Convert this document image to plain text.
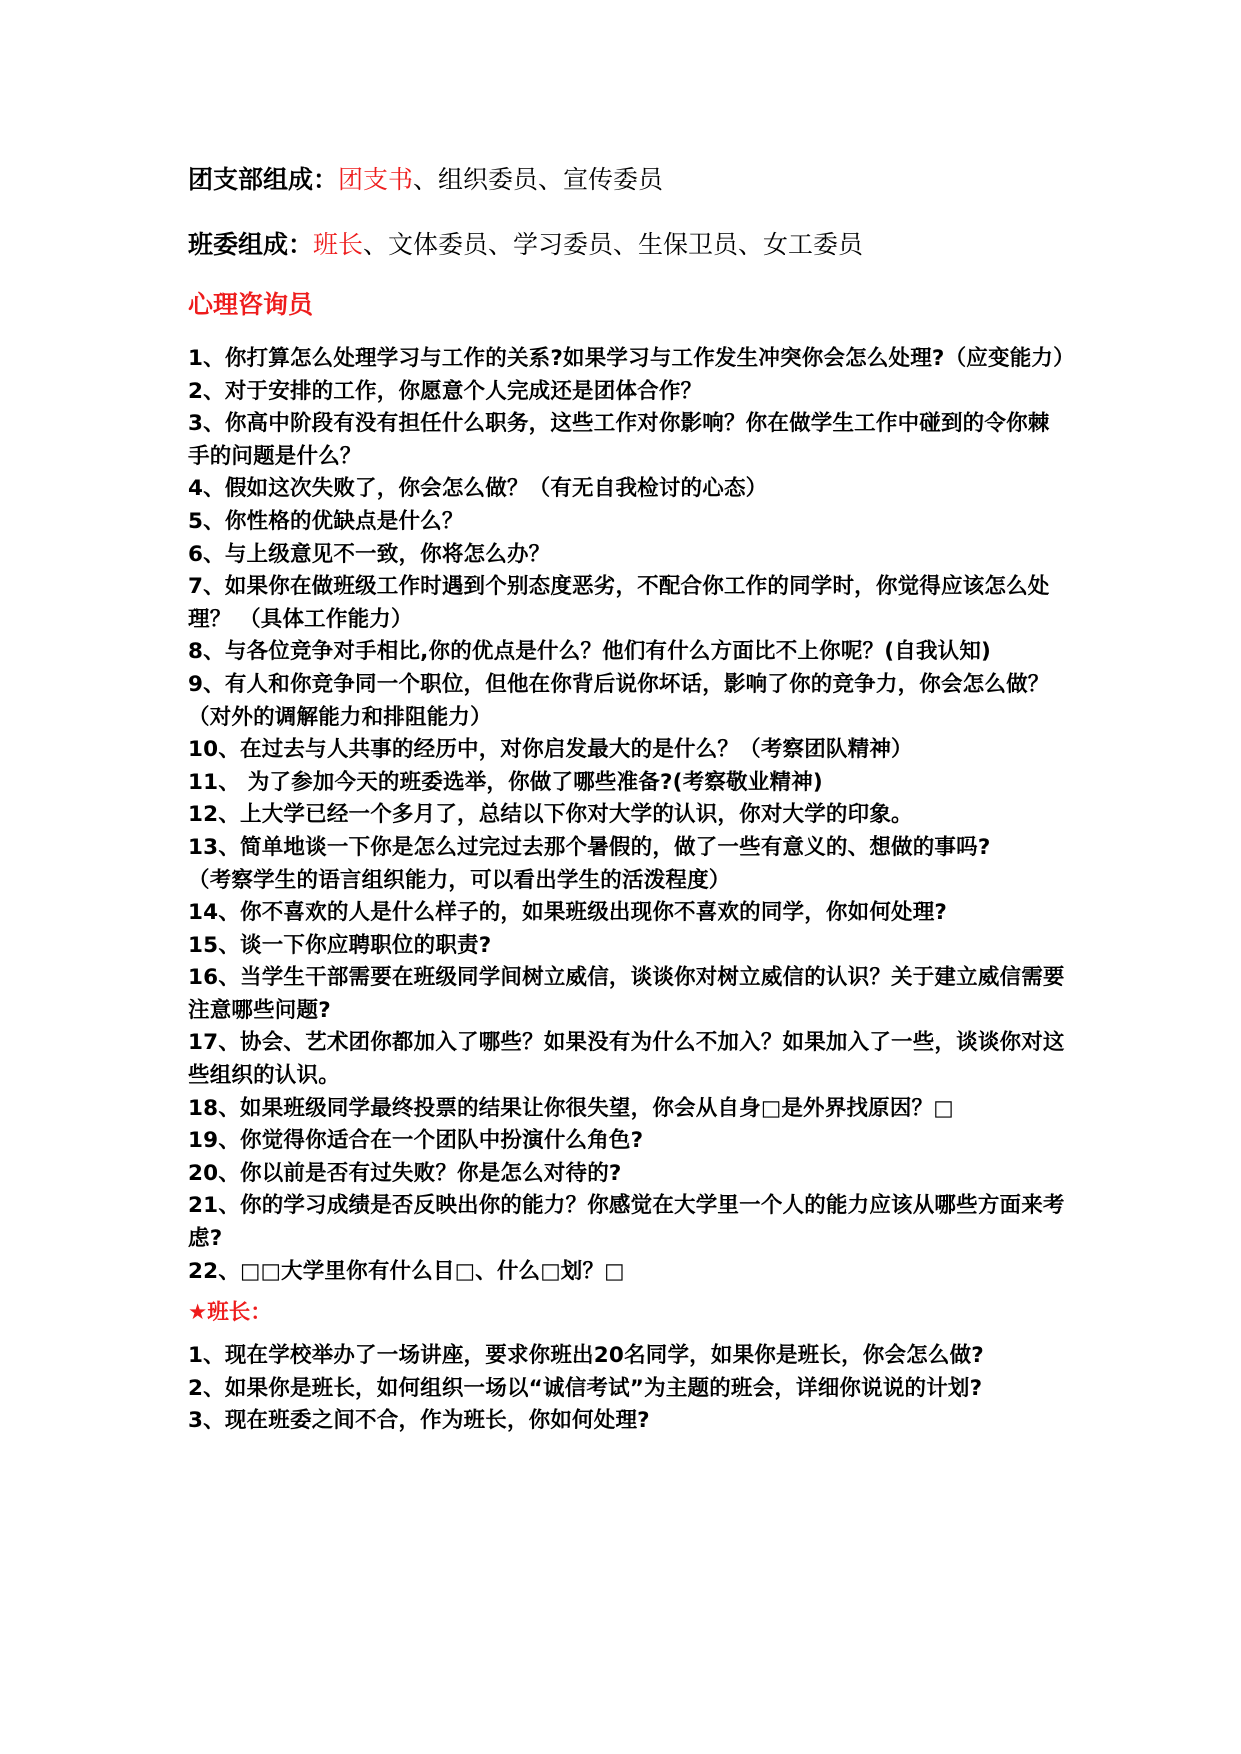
团支部组成：团支书、组织委员、宣传委员
班委组成：班长、文体委员、学习委员、生保卫员、女工委员
心理咨询员
1、你打算怎么处理学习与工作的关系?如果学习与工作发生冲突你会怎么处理?（应变能力）
2、对于安排的工作，你愿意个人完成还是团体合作？
3、你高中阶段有没有担任什么职务，这些工作对你影响？你在做学生工作中碰到的令你棘手的问题是什么？
4、假如这次失败了，你会怎么做？（有无自我检讨的心态）
5、你性格的优缺点是什么？
6、与上级意见不一致，你将怎么办？
7、如果你在做班级工作时遇到个别态度恶劣，不配合你工作的同学时，你觉得应该怎么处理？ （具体工作能力）
8、与各位竞争对手相比,你的优点是什么？他们有什么方面比不上你呢？(自我认知)
9、有人和你竞争同一个职位，但他在你背后说你坏话，影响了你的竞争力，你会怎么做？（对外的调解能力和排阻能力）
10、在过去与人共事的经历中，对你启发最大的是什么？（考察团队精神）
11、 为了参加今天的班委选举，你做了哪些准备?(考察敬业精神)
12、上大学已经一个多月了，总结以下你对大学的认识，你对大学的印象。
13、简单地谈一下你是怎么过完过去那个暑假的，做了一些有意义的、想做的事吗?
（考察学生的语言组织能力，可以看出学生的活泼程度）
14、你不喜欢的人是什么样子的，如果班级出现你不喜欢的同学，你如何处理?
15、谈一下你应聘职位的职责?
16、当学生干部需要在班级同学间树立威信，谈谈你对树立威信的认识？关于建立威信需要注意哪些问题?
17、协会、艺术团你都加入了哪些？如果没有为什么不加入？如果加入了一些，谈谈你对这些组织的认识。
18、如果班级同学最终投票的结果让你很失望，你会从自身□是外界找原因？□
19、你觉得你适合在一个团队中扮演什么角色?
20、你以前是否有过失败？你是怎么对待的?
21、你的学习成绩是否反映出你的能力？你感觉在大学里一个人的能力应该从哪些方面来考虑?
22、□□大学里你有什么目□、什么□划？□
★班长：
1、现在学校举办了一场讲座，要求你班出20名同学，如果你是班长，你会怎么做?
2、如果你是班长，如何组织一场以“诚信考试”为主题的班会，详细你说说的计划?
3、现在班委之间不合，作为班长，你如何处理?
